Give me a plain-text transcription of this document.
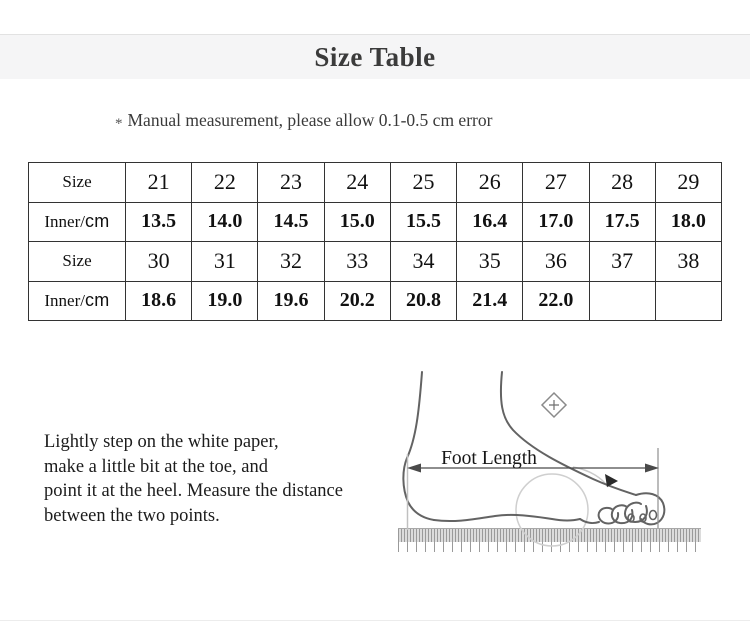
Size Table
* Manual measurement, please allow 0.1-0.5 cm error
Size	21	22	23	24	25	26	27	28	29
Inner/cm	13.5	14.0	14.5	15.0	15.5	16.4	17.0	17.5	18.0
Size	30	31	32	33	34	35	36	37	38
Inner/cm	18.6	19.0	19.6	20.2	20.8	21.4	22.0		
Lightly step on the white paper,
make a little bit at the toe, and
point it at the heel. Measure the distance
between the two points.
Foot Length
